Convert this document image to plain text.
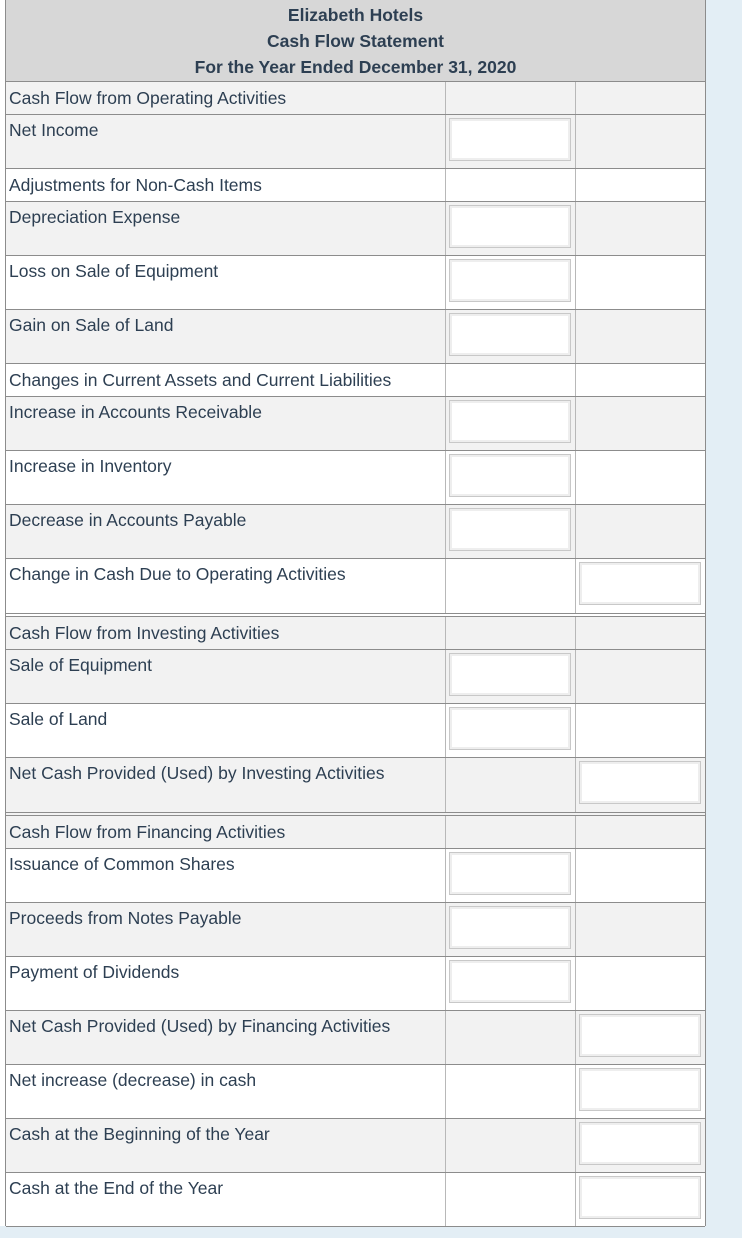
Elizabeth Hotels
Cash Flow Statement
For the Year Ended December 31, 2020
Cash Flow from Operating Activities
Net Income
Adjustments for Non-Cash Items
Depreciation Expense
Loss on Sale of Equipment
Gain on Sale of Land
Changes in Current Assets and Current Liabilities
Increase in Accounts Receivable
Increase in Inventory
Decrease in Accounts Payable
Change in Cash Due to Operating Activities
Cash Flow from Investing Activities
Sale of Equipment
Sale of Land
Net Cash Provided (Used) by Investing Activities
Cash Flow from Financing Activities
Issuance of Common Shares
Proceeds from Notes Payable
Payment of Dividends
Net Cash Provided (Used) by Financing Activities
Net increase (decrease) in cash
Cash at the Beginning of the Year
Cash at the End of the Year
